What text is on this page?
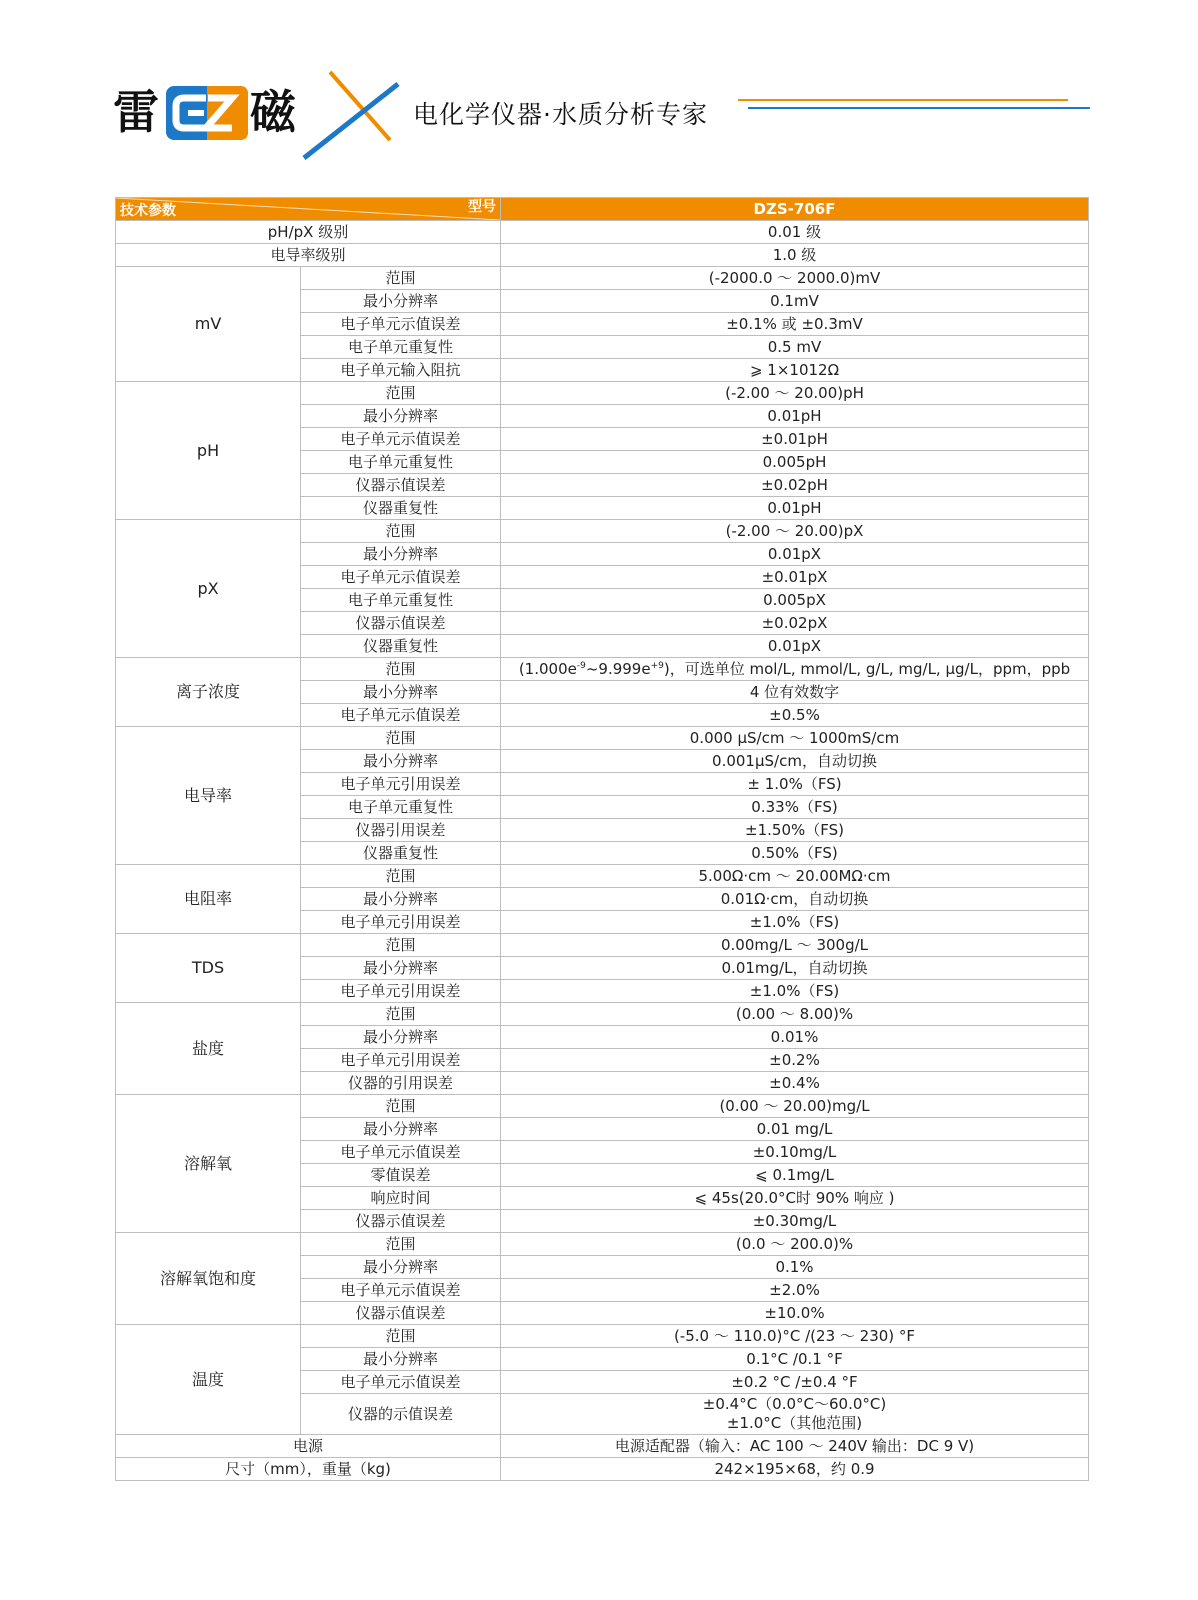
雷 磁	电化学仪器·水质分析专家
技术参数 型号		DZS-706F
pH/pX 级别		0.01 级
电导率级别		1.0 级
mV	范围	(-2000.0 ～ 2000.0)mV
	最小分辨率	0.1mV
	电子单元示值误差	±0.1% 或 ±0.3mV
	电子单元重复性	0.5 mV
	电子单元输入阻抗	⩾ 1×1012Ω
pH	范围	(-2.00 ～ 20.00)pH
	最小分辨率	0.01pH
	电子单元示值误差	±0.01pH
	电子单元重复性	0.005pH
	仪器示值误差	±0.02pH
	仪器重复性	0.01pH
pX	范围	(-2.00 ～ 20.00)pX
	最小分辨率	0.01pX
	电子单元示值误差	±0.01pX
	电子单元重复性	0.005pX
	仪器示值误差	±0.02pX
	仪器重复性	0.01pX
离子浓度	范围	$(1.000e^{-9}\sim 9.999e^{+9})$，可选单位 mol/L, mmol/L, g/L, mg/L, μg/L，ppm，ppb
	最小分辨率	4 位有效数字
	电子单元示值误差	±0.5%
电导率	范围	0.000 μS/cm ～ 1000mS/cm
	最小分辨率	0.001μS/cm，自动切换
	电子单元引用误差	± 1.0%（FS)
	电子单元重复性	0.33%（FS)
	仪器引用误差	±1.50%（FS)
	仪器重复性	0.50%（FS)
电阻率	范围	5.00Ω·cm ～ 20.00MΩ·cm
	最小分辨率	0.01Ω·cm，自动切换
	电子单元引用误差	±1.0%（FS)
TDS	范围	0.00mg/L ～ 300g/L
	最小分辨率	0.01mg/L，自动切换
	电子单元引用误差	±1.0%（FS)
盐度	范围	(0.00 ～ 8.00)%
	最小分辨率	0.01%
	电子单元引用误差	±0.2%
	仪器的引用误差	±0.4%
溶解氧	范围	(0.00 ～ 20.00)mg/L
	最小分辨率	0.01 mg/L
	电子单元示值误差	±0.10mg/L
	零值误差	⩽ 0.1mg/L
	响应时间	⩽ 45s(20.0°C时 90% 响应 )
	仪器示值误差	±0.30mg/L
溶解氧饱和度	范围	(0.0 ～ 200.0)%
	最小分辨率	0.1%
	电子单元示值误差	±2.0%
	仪器示值误差	±10.0%
温度	范围	(-5.0 ～ 110.0)°C /(23 ～ 230) °F
	最小分辨率	0.1°C /0.1 °F
	电子单元示值误差	±0.2 °C /±0.4 °F
	仪器的示值误差	±0.4°C（0.0°C～60.0°C)
±1.0°C（其他范围)

电源		电源适配器（输入：AC 100 ～ 240V 输出：DC 9 V)
尺寸（mm），重量（kg)		242×195×68，约 0.9
